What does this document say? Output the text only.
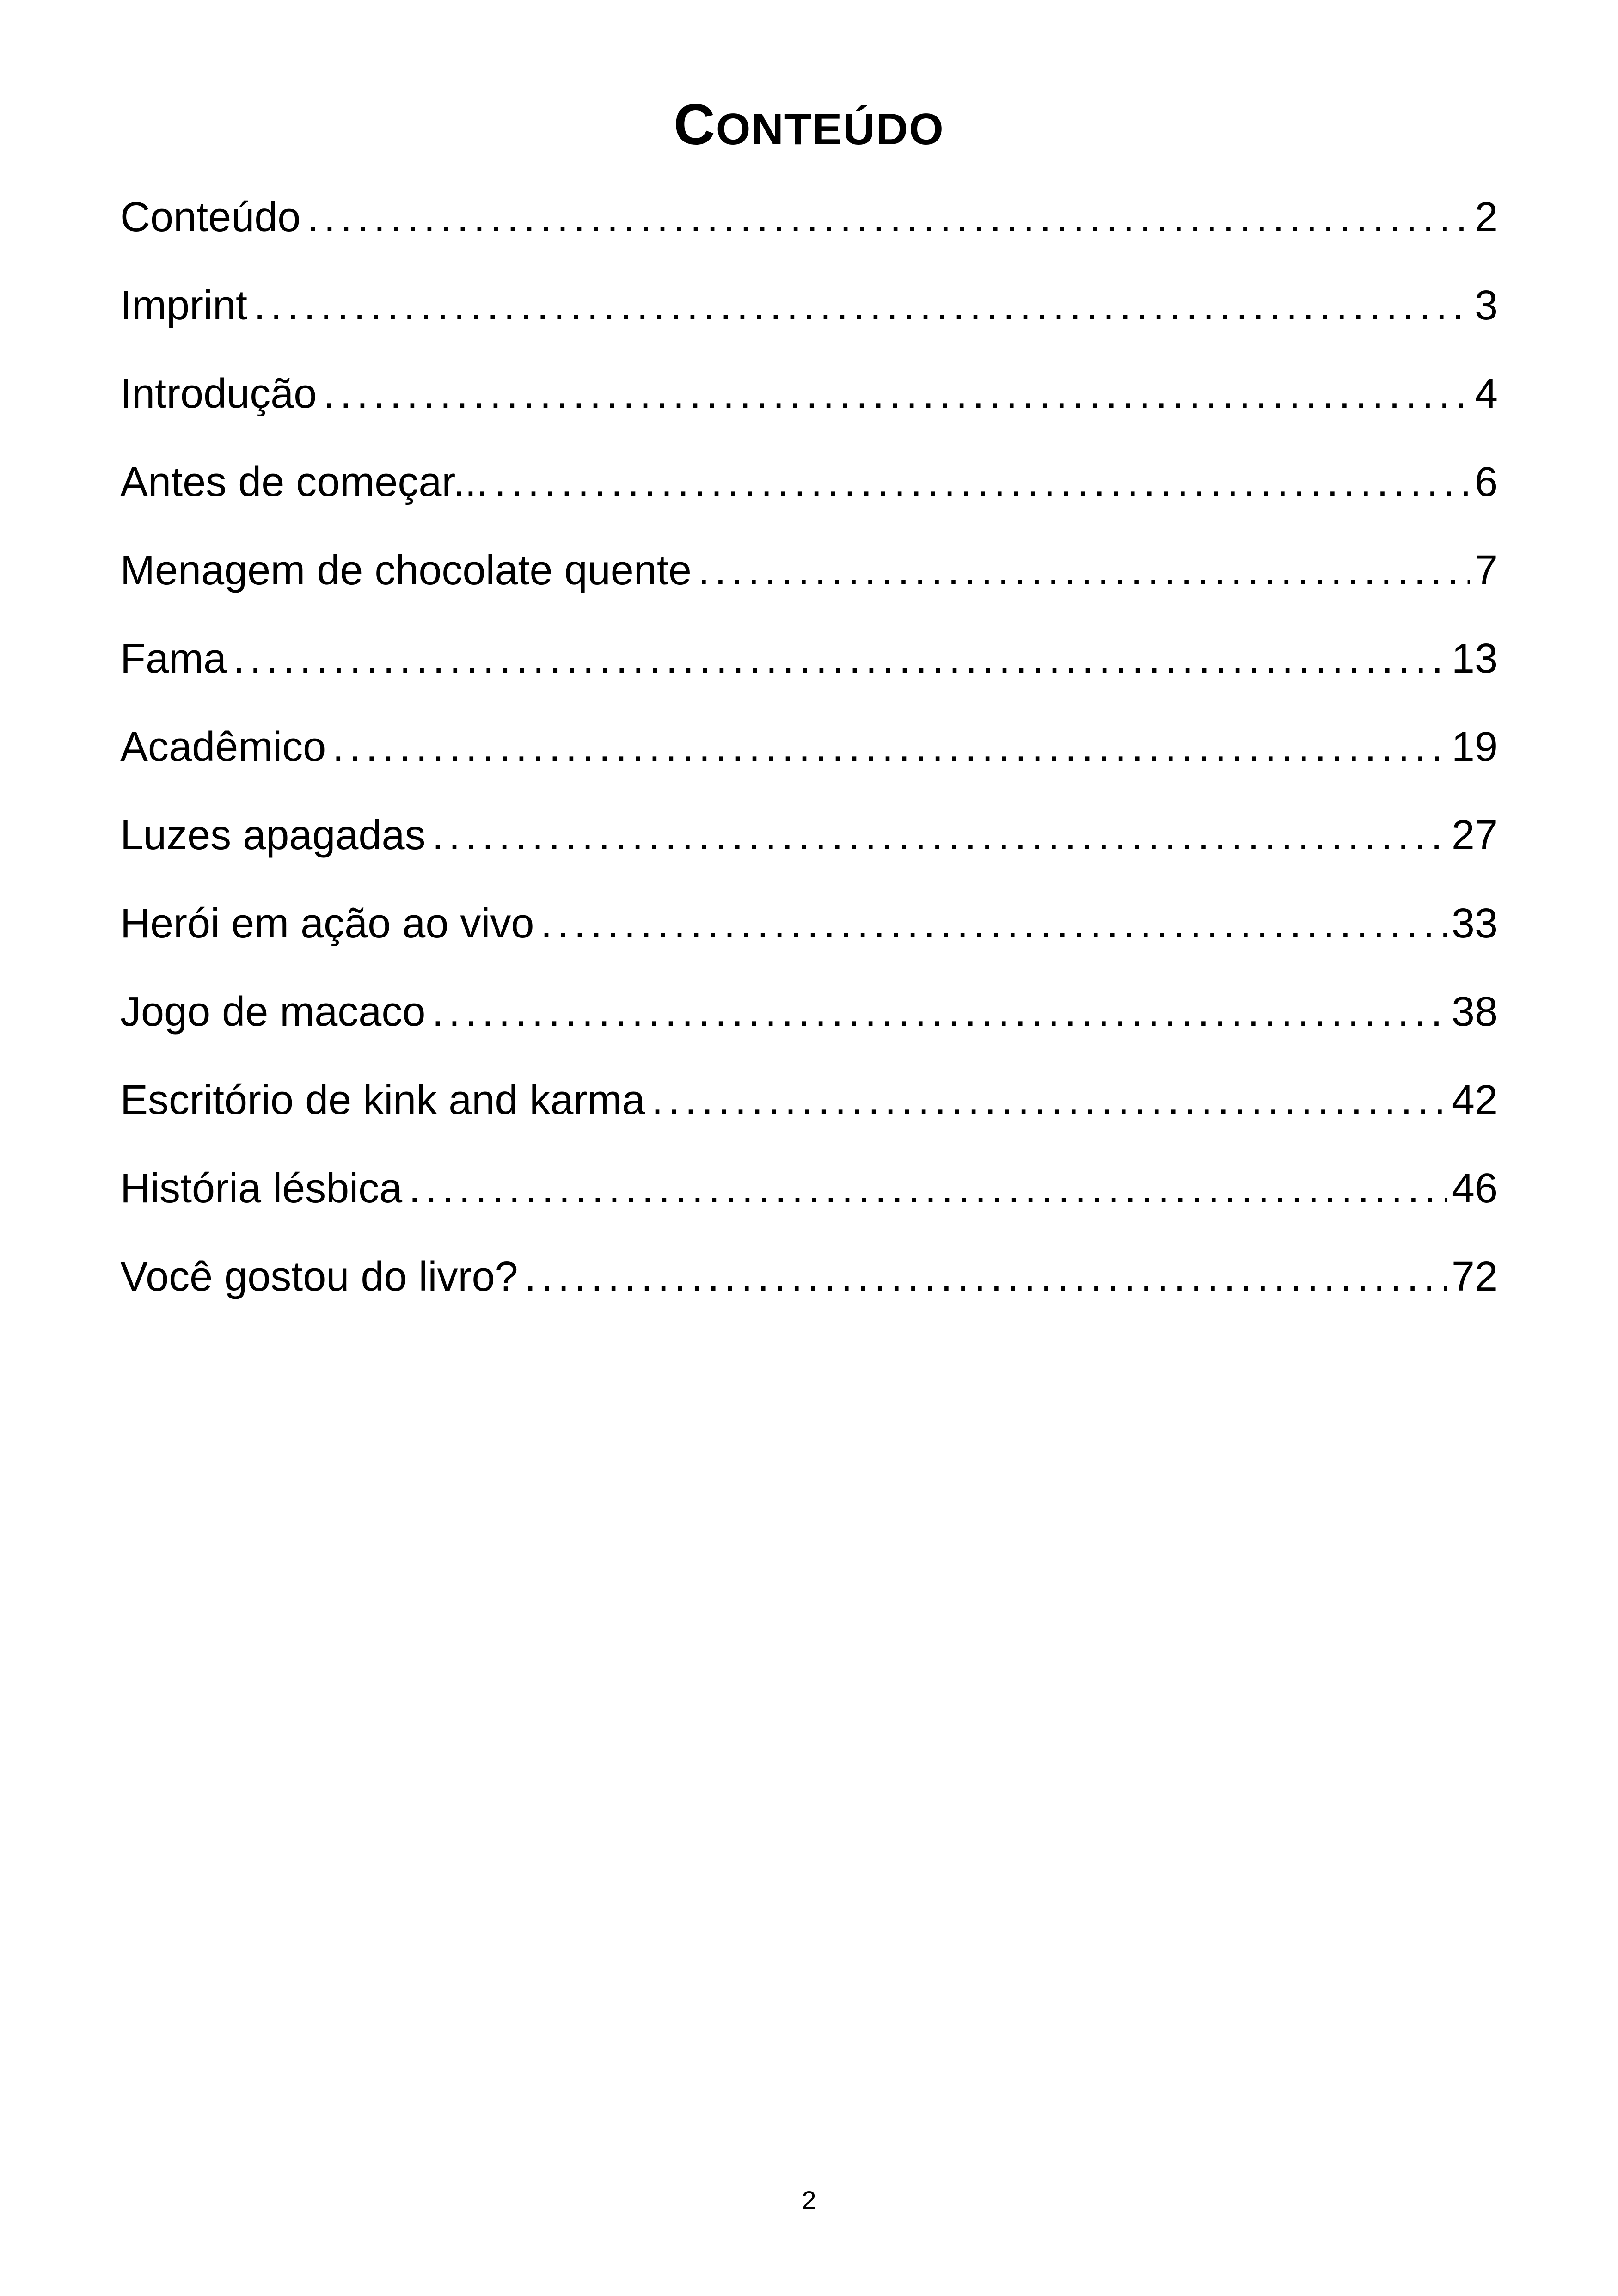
CONTEÚDO
Conteúdo . . .	2
Imprint . . .	3
Introdução . . .	4
Antes de começar... . . .	6
Menagem de chocolate quente . . .	7
Fama . . .	13
Acadêmico . . .	19
Luzes apagadas . . .	27
Herói em ação ao vivo . . .	33
Jogo de macaco . . .	38
Escritório de kink and karma . . .	42
História lésbica . . .	46
Você gostou do livro? . . .	72
2
